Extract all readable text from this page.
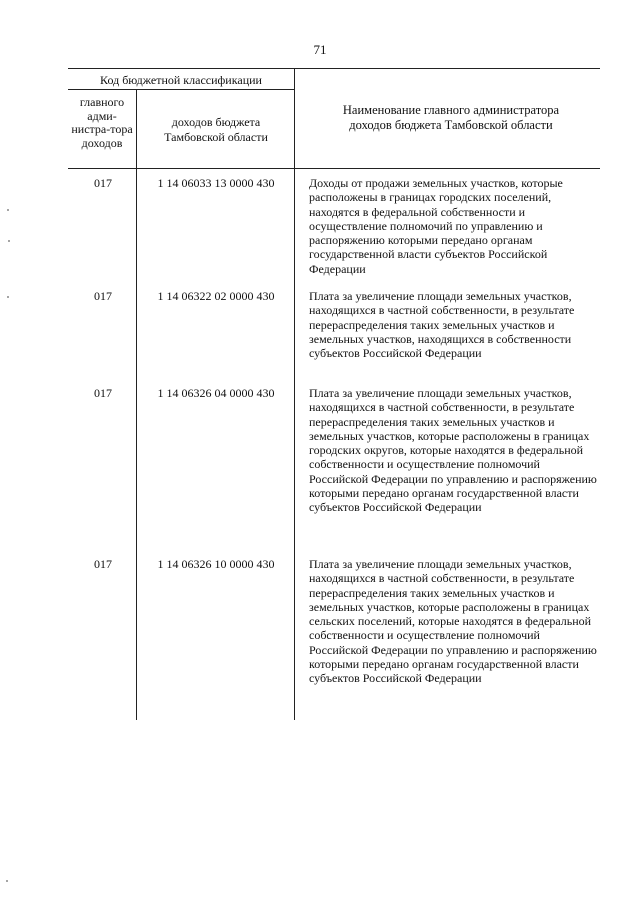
71
Код бюджетной классификации
главного адми-нистра-тора доходов
доходов бюджета Тамбовской области
Наименование главного администратора доходов бюджета Тамбовской области
017	1 14 06033 13 0000 430	Доходы от продажи земельных участков, которые расположены в границах городских поселений, находятся в федеральной собственности и осуществление полномочий по управлению и распоряжению которыми передано органам государственной власти субъектов Российской Федерации
017	1 14 06322 02 0000 430	Плата за увеличение площади земельных участков, находящихся в частной собственности, в результате перераспределения таких земельных участков и земельных участков, находящихся в собственности субъектов Российской Федерации
017	1 14 06326 04 0000 430	Плата за увеличение площади земельных участков, находящихся в частной собственности, в результате перераспределения таких земельных участков и земельных участков, которые расположены в границах городских округов, которые находятся в федеральной собственности и осуществление полномочий Российской Федерации по управлению и распоряжению которыми передано органам государственной власти субъектов Российской Федерации
017	1 14 06326 10 0000 430	Плата за увеличение площади земельных участков, находящихся в частной собственности, в результате перераспределения таких земельных участков и земельных участков, которые расположены в границах сельских поселений, которые находятся в федеральной собственности и осуществление полномочий Российской Федерации по управлению и распоряжению которыми передано органам государственной власти субъектов Российской Федерации
